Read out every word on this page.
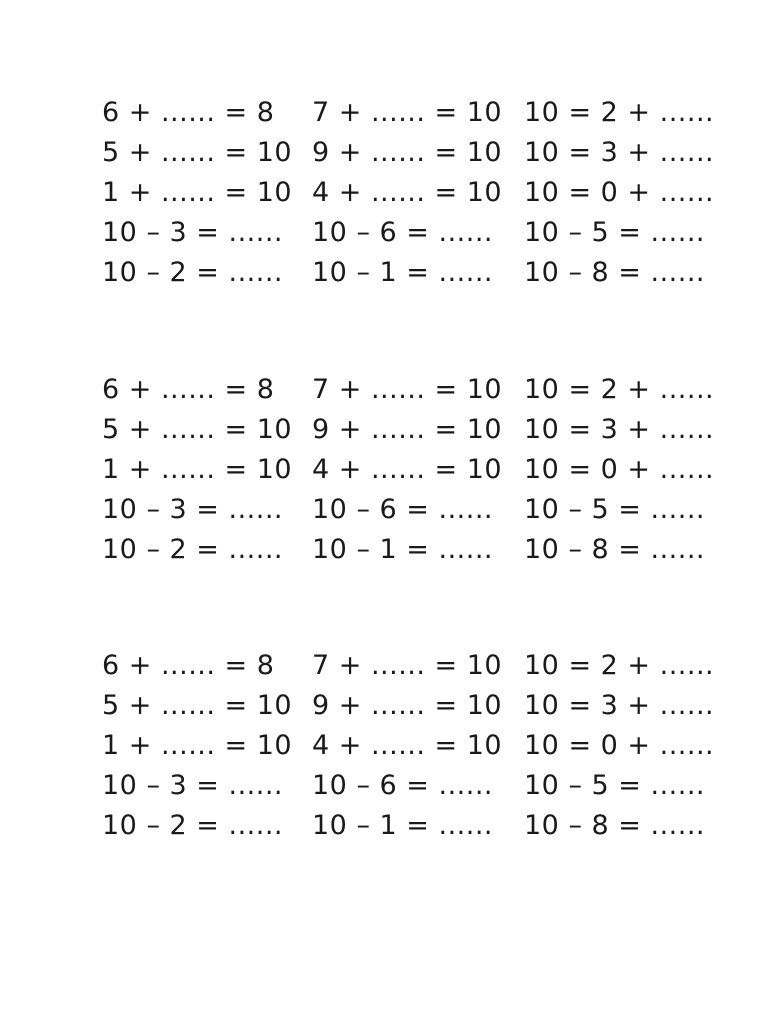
6 + ...... = 8
5 + ...... = 10
1 + ...... = 10
10 – 3 = ......
10 – 2 = ......
7 + ...... = 10
9 + ...... = 10
4 + ...... = 10
10 – 6 = ......
10 – 1 = ......
10 = 2 + ......
10 = 3 + ......
10 = 0 + ......
10 – 5 = ......
10 – 8 = ......
6 + ...... = 8
5 + ...... = 10
1 + ...... = 10
10 – 3 = ......
10 – 2 = ......
7 + ...... = 10
9 + ...... = 10
4 + ...... = 10
10 – 6 = ......
10 – 1 = ......
10 = 2 + ......
10 = 3 + ......
10 = 0 + ......
10 – 5 = ......
10 – 8 = ......
6 + ...... = 8
5 + ...... = 10
1 + ...... = 10
10 – 3 = ......
10 – 2 = ......
7 + ...... = 10
9 + ...... = 10
4 + ...... = 10
10 – 6 = ......
10 – 1 = ......
10 = 2 + ......
10 = 3 + ......
10 = 0 + ......
10 – 5 = ......
10 – 8 = ......
